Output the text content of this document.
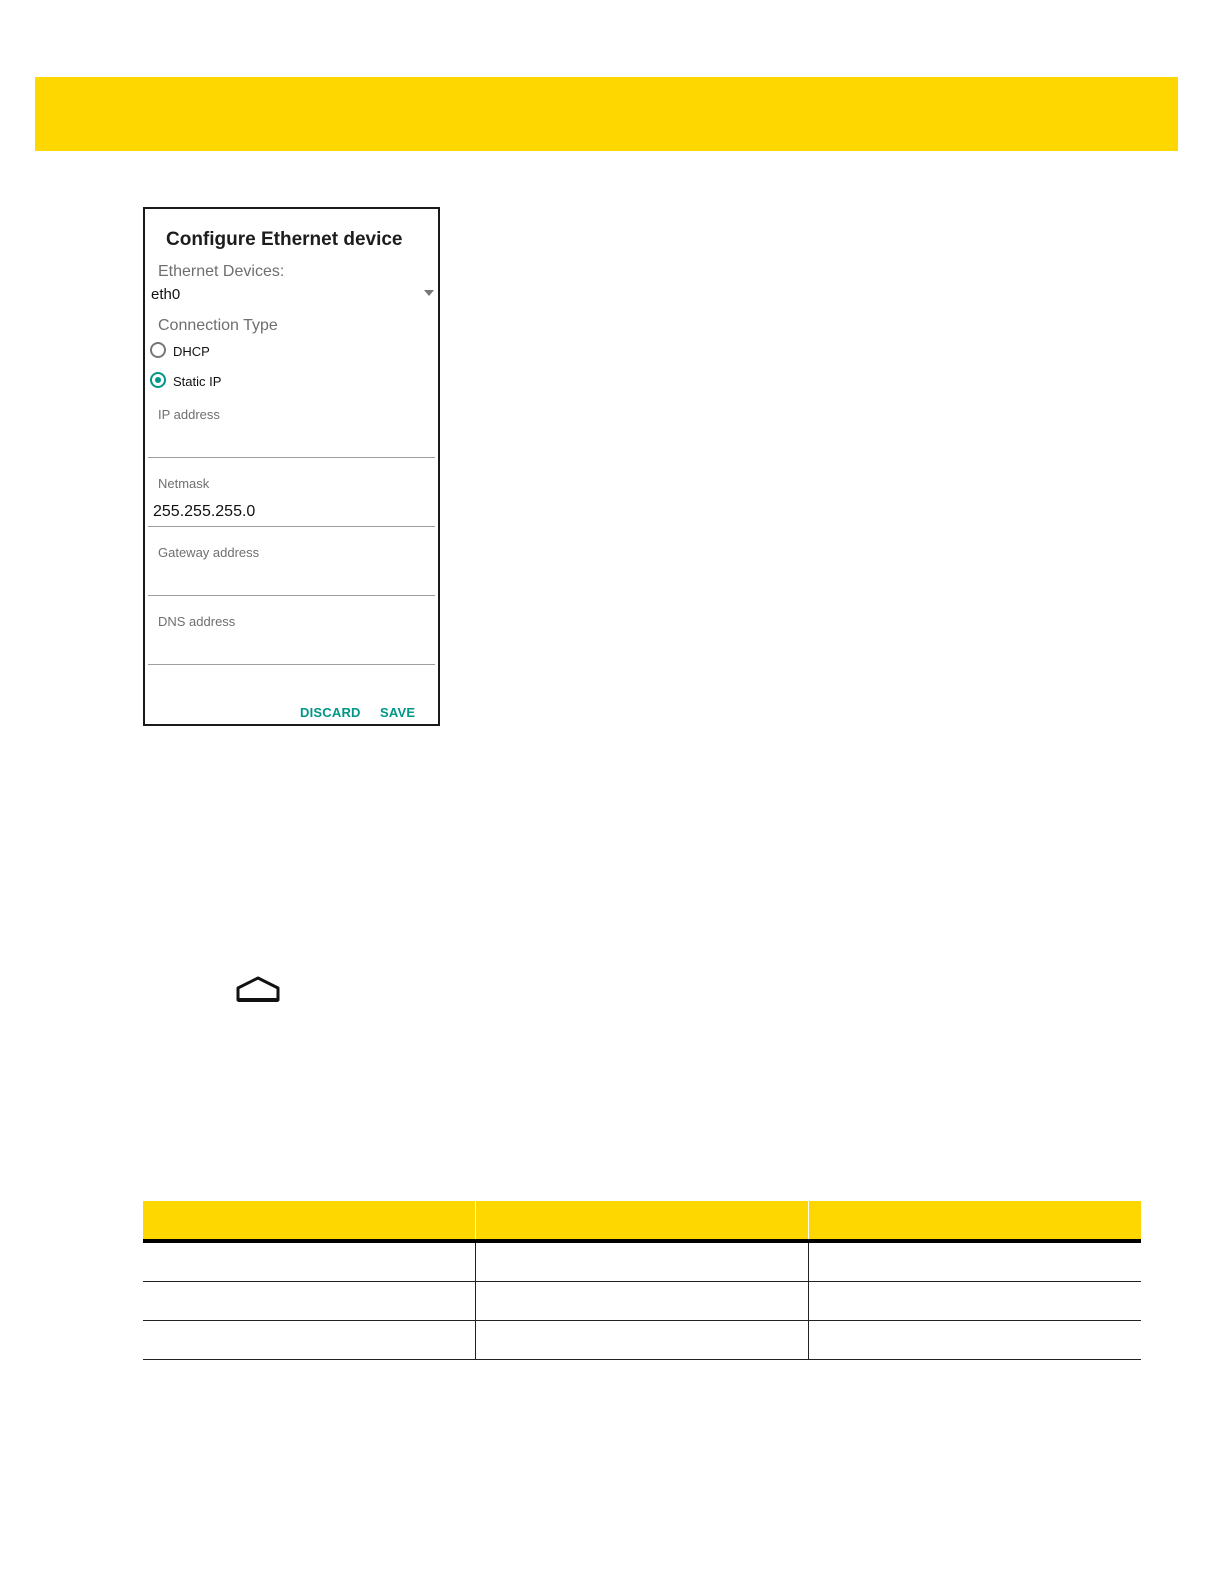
Configure Ethernet device
Ethernet Devices:
eth0
Connection Type
DHCP
Static IP
IP address
Netmask
255.255.255.0
Gateway address
DNS address
DISCARD SAVE
